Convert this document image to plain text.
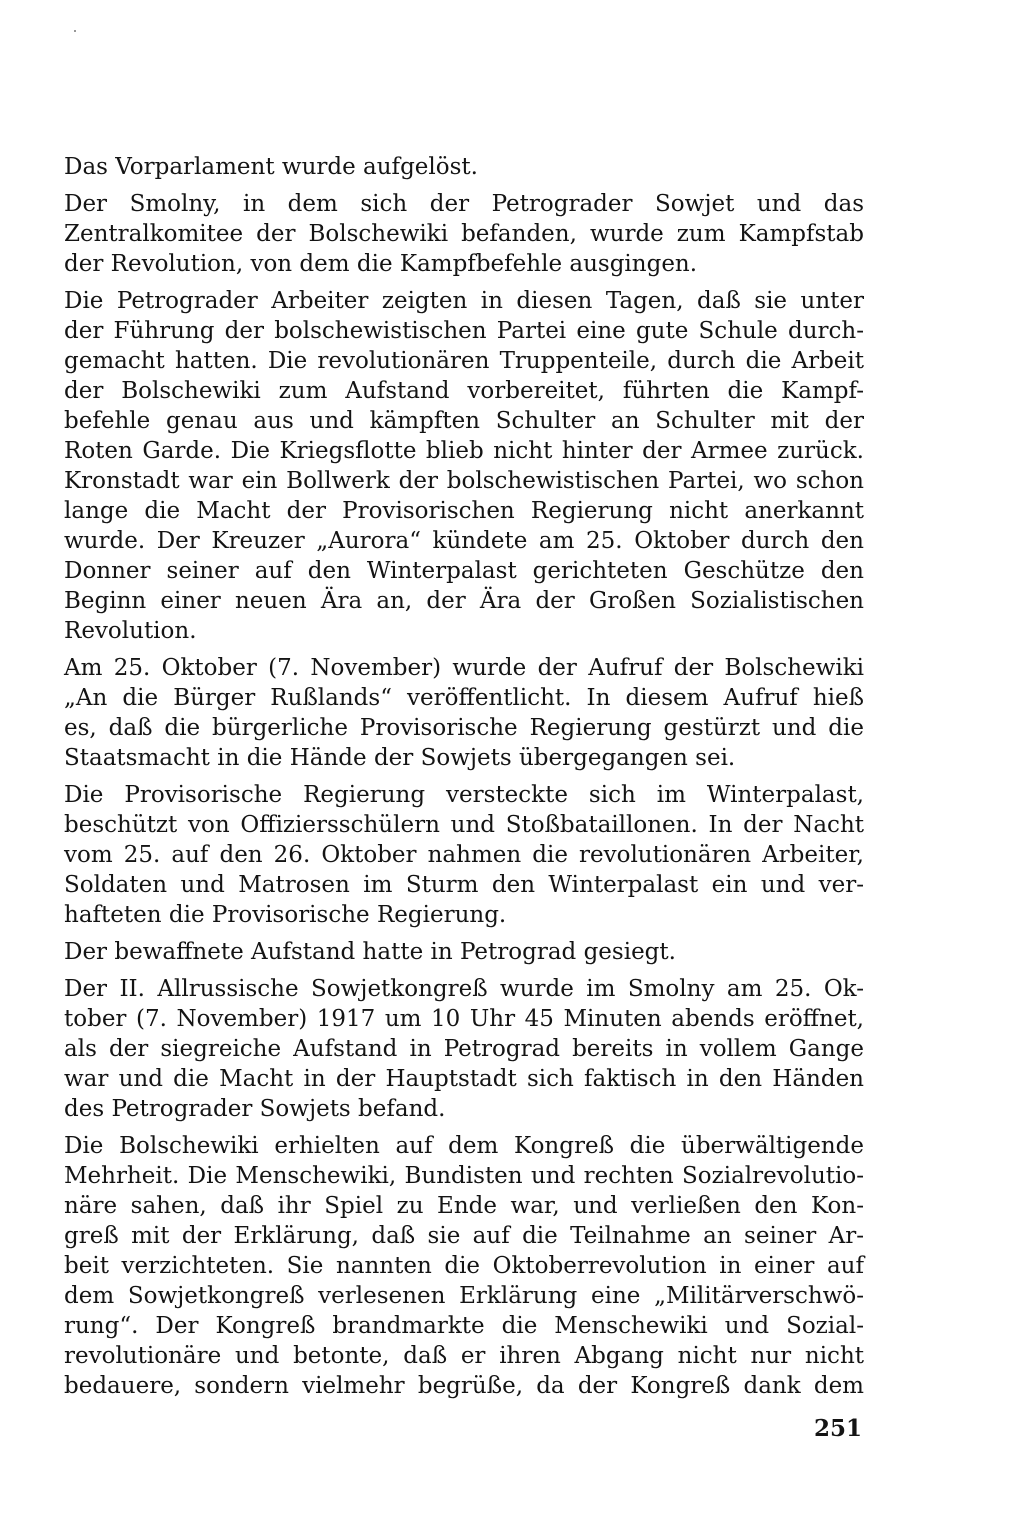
Das Vorparlament wurde aufgelöst.
Der Smolny, in dem sich der Petrograder Sowjet und das
Zentralkomitee der Bolschewiki befanden, wurde zum Kampfstab
der Revolution, von dem die Kampfbefehle ausgingen.
Die Petrograder Arbeiter zeigten in diesen Tagen, daß sie unter
der Führung der bolschewistischen Partei eine gute Schule durch-
gemacht hatten. Die revolutionären Truppenteile, durch die Arbeit
der Bolschewiki zum Aufstand vorbereitet, führten die Kampf-
befehle genau aus und kämpften Schulter an Schulter mit der
Roten Garde. Die Kriegsflotte blieb nicht hinter der Armee zurück.
Kronstadt war ein Bollwerk der bolschewistischen Partei, wo schon
lange die Macht der Provisorischen Regierung nicht anerkannt
wurde. Der Kreuzer „Aurora“ kündete am 25. Oktober durch den
Donner seiner auf den Winterpalast gerichteten Geschütze den
Beginn einer neuen Ära an, der Ära der Großen Sozialistischen
Revolution.
Am 25. Oktober (7. November) wurde der Aufruf der Bolschewiki
„An die Bürger Rußlands“ veröffentlicht. In diesem Aufruf hieß
es, daß die bürgerliche Provisorische Regierung gestürzt und die
Staatsmacht in die Hände der Sowjets übergegangen sei.
Die Provisorische Regierung versteckte sich im Winterpalast,
beschützt von Offiziersschülern und Stoßbataillonen. In der Nacht
vom 25. auf den 26. Oktober nahmen die revolutionären Arbeiter,
Soldaten und Matrosen im Sturm den Winterpalast ein und ver-
hafteten die Provisorische Regierung.
Der bewaffnete Aufstand hatte in Petrograd gesiegt.
Der II. Allrussische Sowjetkongreß wurde im Smolny am 25. Ok-
tober (7. November) 1917 um 10 Uhr 45 Minuten abends eröffnet,
als der siegreiche Aufstand in Petrograd bereits in vollem Gange
war und die Macht in der Hauptstadt sich faktisch in den Händen
des Petrograder Sowjets befand.
Die Bolschewiki erhielten auf dem Kongreß die überwältigende
Mehrheit. Die Menschewiki, Bundisten und rechten Sozialrevolutio-
näre sahen, daß ihr Spiel zu Ende war, und verließen den Kon-
greß mit der Erklärung, daß sie auf die Teilnahme an seiner Ar-
beit verzichteten. Sie nannten die Oktoberrevolution in einer auf
dem Sowjetkongreß verlesenen Erklärung eine „Militärverschwö-
rung“. Der Kongreß brandmarkte die Menschewiki und Sozial-
revolutionäre und betonte, daß er ihren Abgang nicht nur nicht
bedauere, sondern vielmehr begrüße, da der Kongreß dank dem
251
